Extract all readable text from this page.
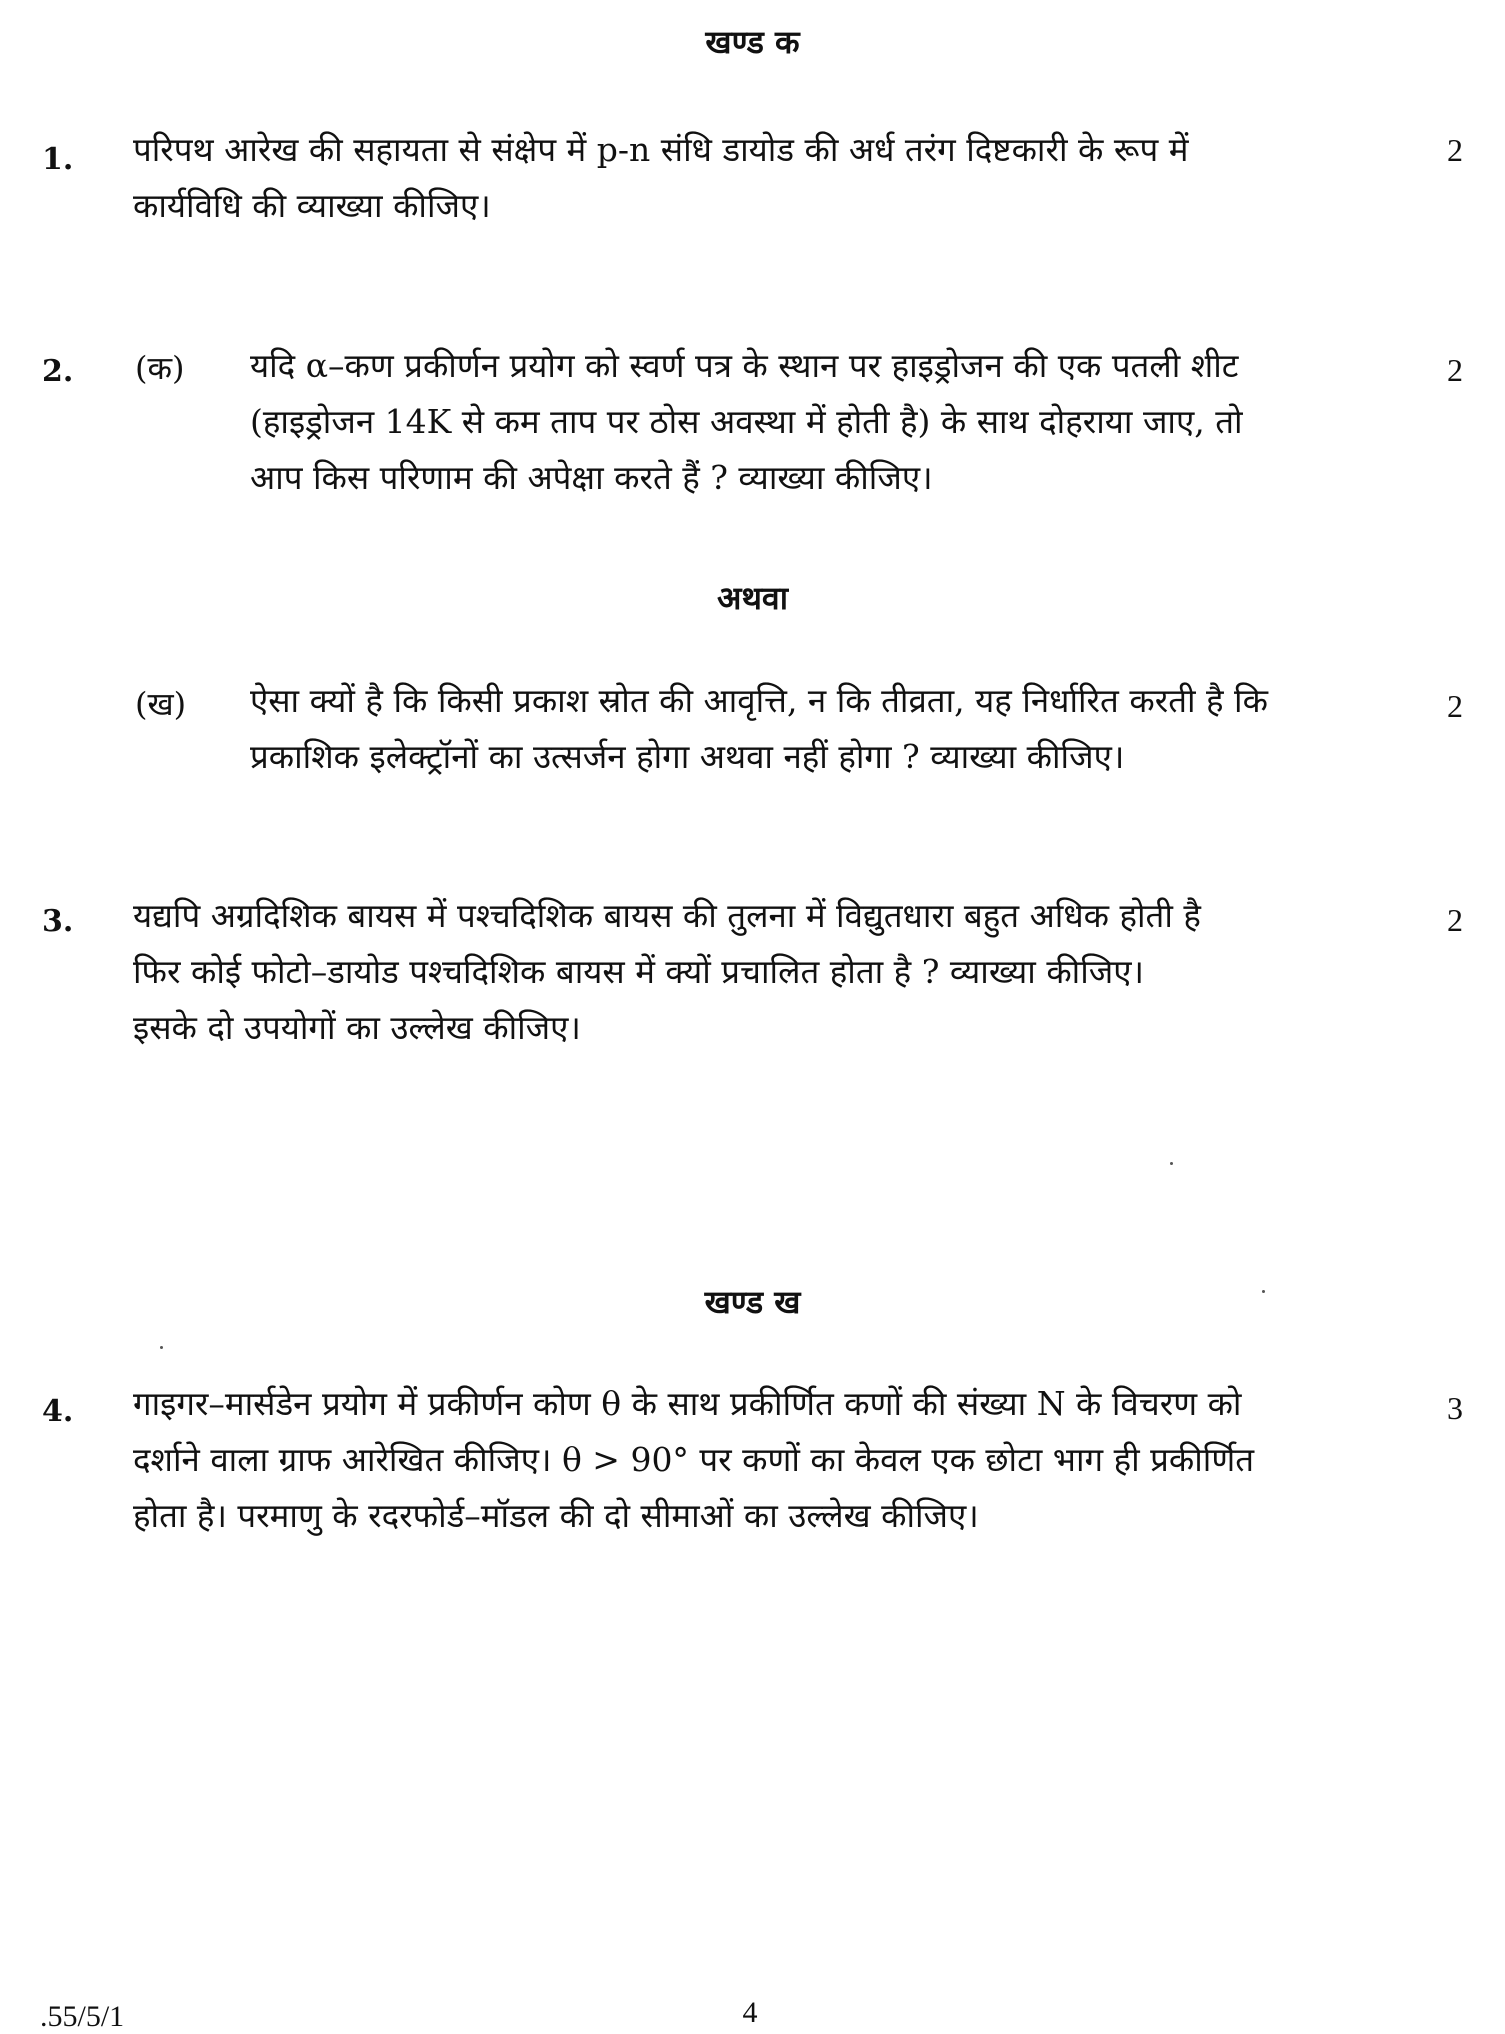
खण्ड क
1. परिपथ आरेख की सहायता से संक्षेप में p-n संधि डायोड की अर्ध तरंग दिष्टकारी के रूप में
कार्यविधि की व्याख्या कीजिए।
2
2. (क) यदि α–कण प्रकीर्णन प्रयोग को स्वर्ण पत्र के स्थान पर हाइड्रोजन की एक पतली शीट
(हाइड्रोजन 14K से कम ताप पर ठोस अवस्था में होती है) के साथ दोहराया जाए, तो
आप किस परिणाम की अपेक्षा करते हैं ? व्याख्या कीजिए।
2
अथवा
(ख) ऐसा क्यों है कि किसी प्रकाश स्रोत की आवृत्ति, न कि तीव्रता, यह निर्धारित करती है कि
प्रकाशिक इलेक्ट्रॉनों का उत्सर्जन होगा अथवा नहीं होगा ? व्याख्या कीजिए।
2
3. यद्यपि अग्रदिशिक बायस में पश्चदिशिक बायस की तुलना में विद्युतधारा बहुत अधिक होती है
फिर कोई फोटो–डायोड पश्चदिशिक बायस में क्यों प्रचालित होता है ? व्याख्या कीजिए।
इसके दो उपयोगों का उल्लेख कीजिए।
2
खण्ड ख
4. गाइगर–मार्सडेन प्रयोग में प्रकीर्णन कोण θ के साथ प्रकीर्णित कणों की संख्या N के विचरण को
दर्शाने वाला ग्राफ आरेखित कीजिए। θ > 90° पर कणों का केवल एक छोटा भाग ही प्रकीर्णित
होता है। परमाणु के रदरफोर्ड–मॉडल की दो सीमाओं का उल्लेख कीजिए।
3
.55/5/1	4
